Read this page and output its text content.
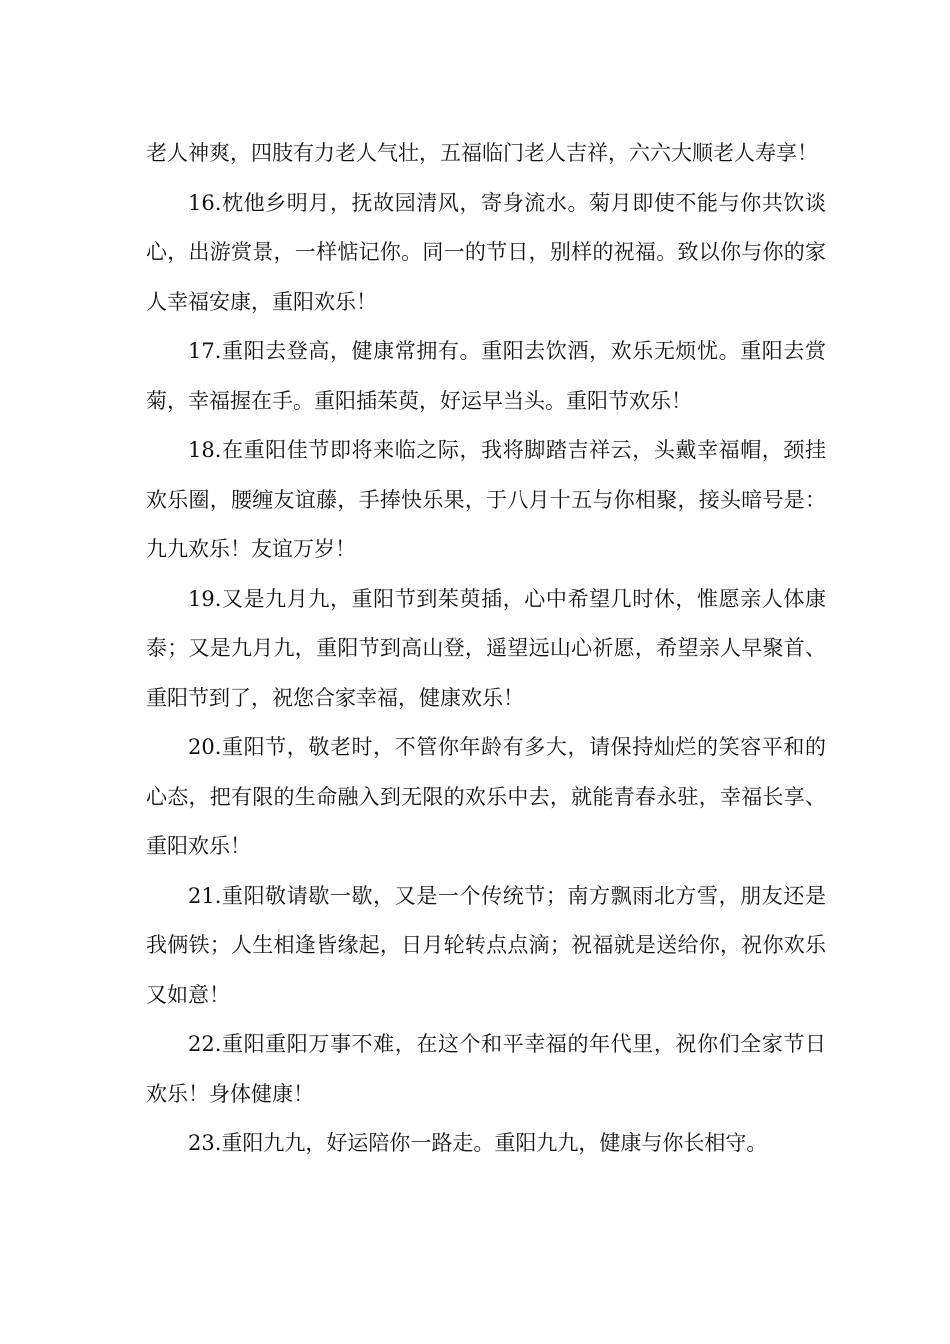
老人神爽，四肢有力老人气壮，五福临门老人吉祥，六六大顺老人寿享！

16.枕他乡明月，抚故园清风，寄身流水。菊月即使不能与你共饮谈心，出游赏景，一样惦记你。同一的节日，别样的祝福。致以你与你的家人幸福安康，重阳欢乐！

17.重阳去登高，健康常拥有。重阳去饮酒，欢乐无烦忧。重阳去赏菊，幸福握在手。重阳插茱萸，好运早当头。重阳节欢乐！

18.在重阳佳节即将来临之际，我将脚踏吉祥云，头戴幸福帽，颈挂欢乐圈，腰缠友谊藤，手捧快乐果，于八月十五与你相聚，接头暗号是：九九欢乐！友谊万岁！

19.又是九月九，重阳节到茱萸插，心中希望几时休，惟愿亲人体康泰；又是九月九，重阳节到高山登，遥望远山心祈愿，希望亲人早聚首、重阳节到了，祝您合家幸福，健康欢乐！

20.重阳节，敬老时，不管你年龄有多大，请保持灿烂的笑容平和的心态，把有限的生命融入到无限的欢乐中去，就能青春永驻，幸福长享、重阳欢乐！

21.重阳敬请歇一歇，又是一个传统节；南方飘雨北方雪，朋友还是我俩铁；人生相逢皆缘起，日月轮转点点滴；祝福就是送给你，祝你欢乐又如意！

22.重阳重阳万事不难，在这个和平幸福的年代里，祝你们全家节日欢乐！身体健康！

23.重阳九九，好运陪你一路走。重阳九九，健康与你长相守。
